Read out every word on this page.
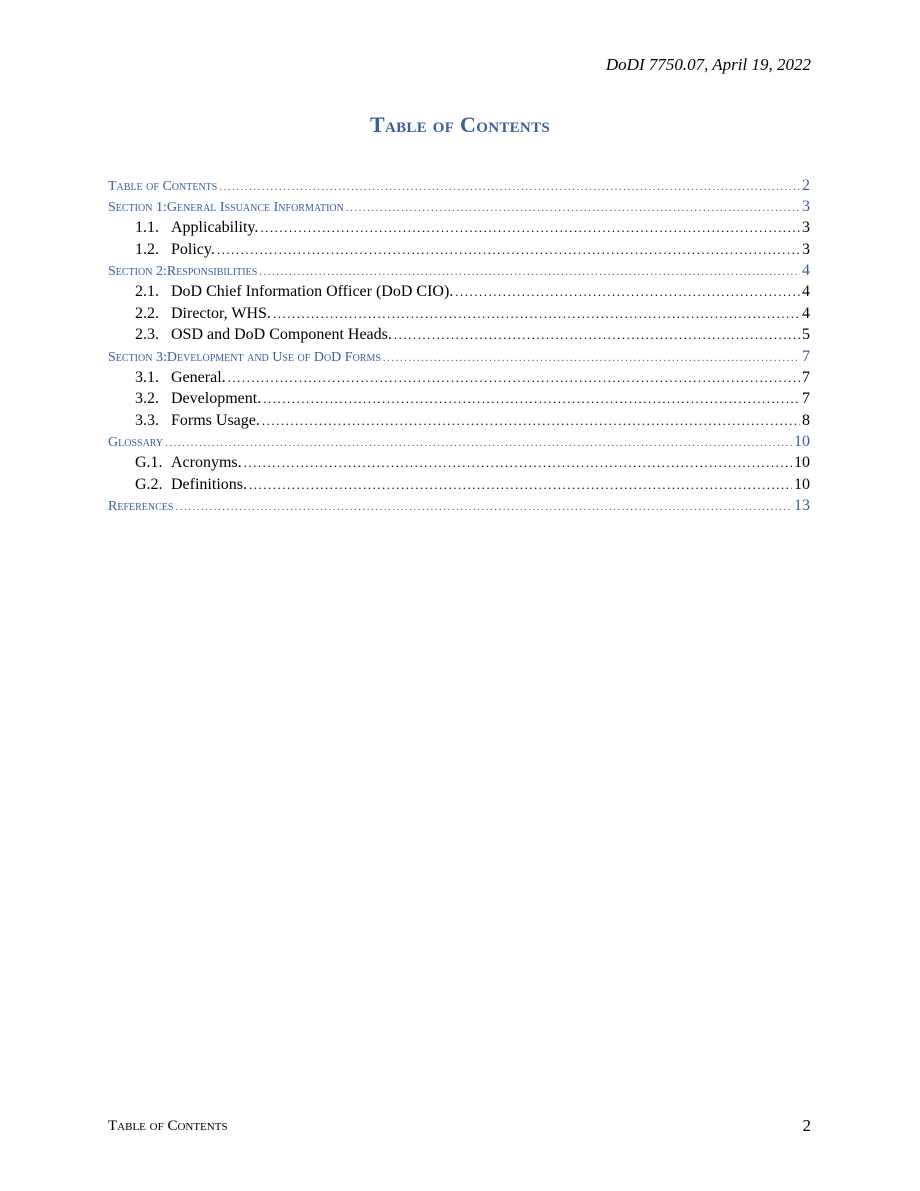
DoDI 7750.07, April 19, 2022
Table of Contents
Table of Contents .....	2
Section 1:General Issuance Information .....	3
1.1. Applicability. .....	3
1.2. Policy. .....	3
Section 2:Responsibilities .....	4
2.1. DoD Chief Information Officer (DoD CIO). .....	4
2.2. Director, WHS. .....	4
2.3. OSD and DoD Component Heads. .....	5
Section 3:Development and Use of DoD Forms .....	7
3.1. General. .....	7
3.2. Development. .....	7
3.3. Forms Usage. .....	8
Glossary .....	10
G.1. Acronyms. .....	10
G.2. Definitions. .....	10
References .....	13
Table of Contents	2
